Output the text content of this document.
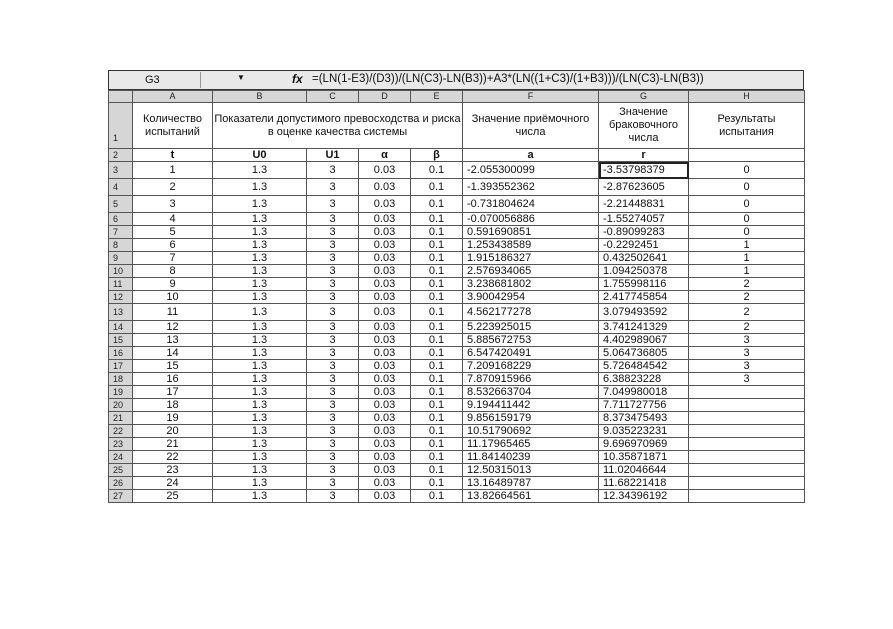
G3	▼	fx =(LN(1-E3)/(D3))/(LN(C3)-LN(B3))+A3*(LN((1+C3)/(1+B3)))/(LN(C3)-LN(B3))
	A	B	C	D	E	F	G	H
1	Количество испытаний	Показатели допустимого превосходства и риска в оценке качества системы				Значение приёмочного числа	Значение браковочного числа	Результаты испытания
2	t	U0	U1	α	β	a	r	
3	1	1.3	3	0.03	0.1	-2.055300099	-3.53798379	0
4	2	1.3	3	0.03	0.1	-1.393552362	-2.87623605	0
5	3	1.3	3	0.03	0.1	-0.731804624	-2.21448831	0
6	4	1.3	3	0.03	0.1	-0.070056886	-1.55274057	0
7	5	1.3	3	0.03	0.1	0.591690851	-0.89099283	0
8	6	1.3	3	0.03	0.1	1.253438589	-0.2292451	1
9	7	1.3	3	0.03	0.1	1.915186327	0.432502641	1
10	8	1.3	3	0.03	0.1	2.576934065	1.094250378	1
11	9	1.3	3	0.03	0.1	3.238681802	1.755998116	2
12	10	1.3	3	0.03	0.1	3.90042954	2.417745854	2
13	11	1.3	3	0.03	0.1	4.562177278	3.079493592	2
14	12	1.3	3	0.03	0.1	5.223925015	3.741241329	2
15	13	1.3	3	0.03	0.1	5.885672753	4.402989067	3
16	14	1.3	3	0.03	0.1	6.547420491	5.064736805	3
17	15	1.3	3	0.03	0.1	7.209168229	5.726484542	3
18	16	1.3	3	0.03	0.1	7.870915966	6.38823228	3
19	17	1.3	3	0.03	0.1	8.532663704	7.049980018	
20	18	1.3	3	0.03	0.1	9.194411442	7.711727756	
21	19	1.3	3	0.03	0.1	9.856159179	8.373475493	
22	20	1.3	3	0.03	0.1	10.51790692	9.035223231	
23	21	1.3	3	0.03	0.1	11.17965465	9.696970969	
24	22	1.3	3	0.03	0.1	11.84140239	10.35871871	
25	23	1.3	3	0.03	0.1	12.50315013	11.02046644	
26	24	1.3	3	0.03	0.1	13.16489787	11.68221418	
27	25	1.3	3	0.03	0.1	13.82664561	12.34396192	
